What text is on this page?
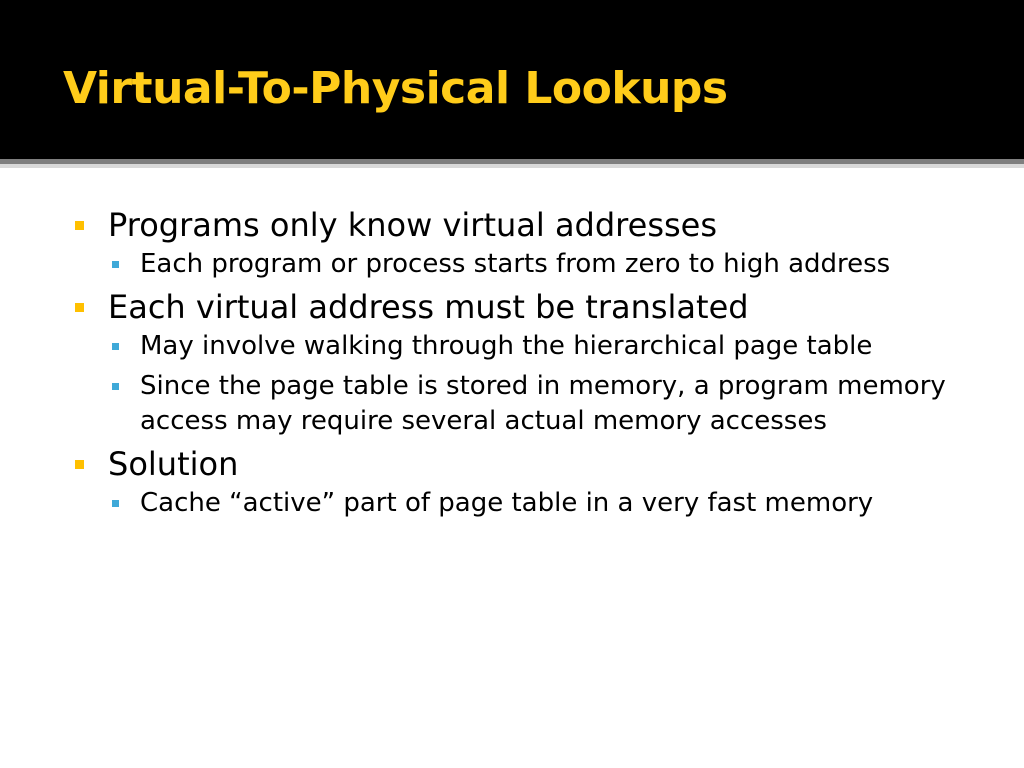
Virtual-To-Physical Lookups

Programs only know virtual addresses

Each program or process starts from zero to high address

Each virtual address must be translated

May involve walking through the hierarchical page table

Since the page table is stored in memory, a program memory access may require several actual memory accesses

Solution

Cache “active” part of page table in a very fast memory
